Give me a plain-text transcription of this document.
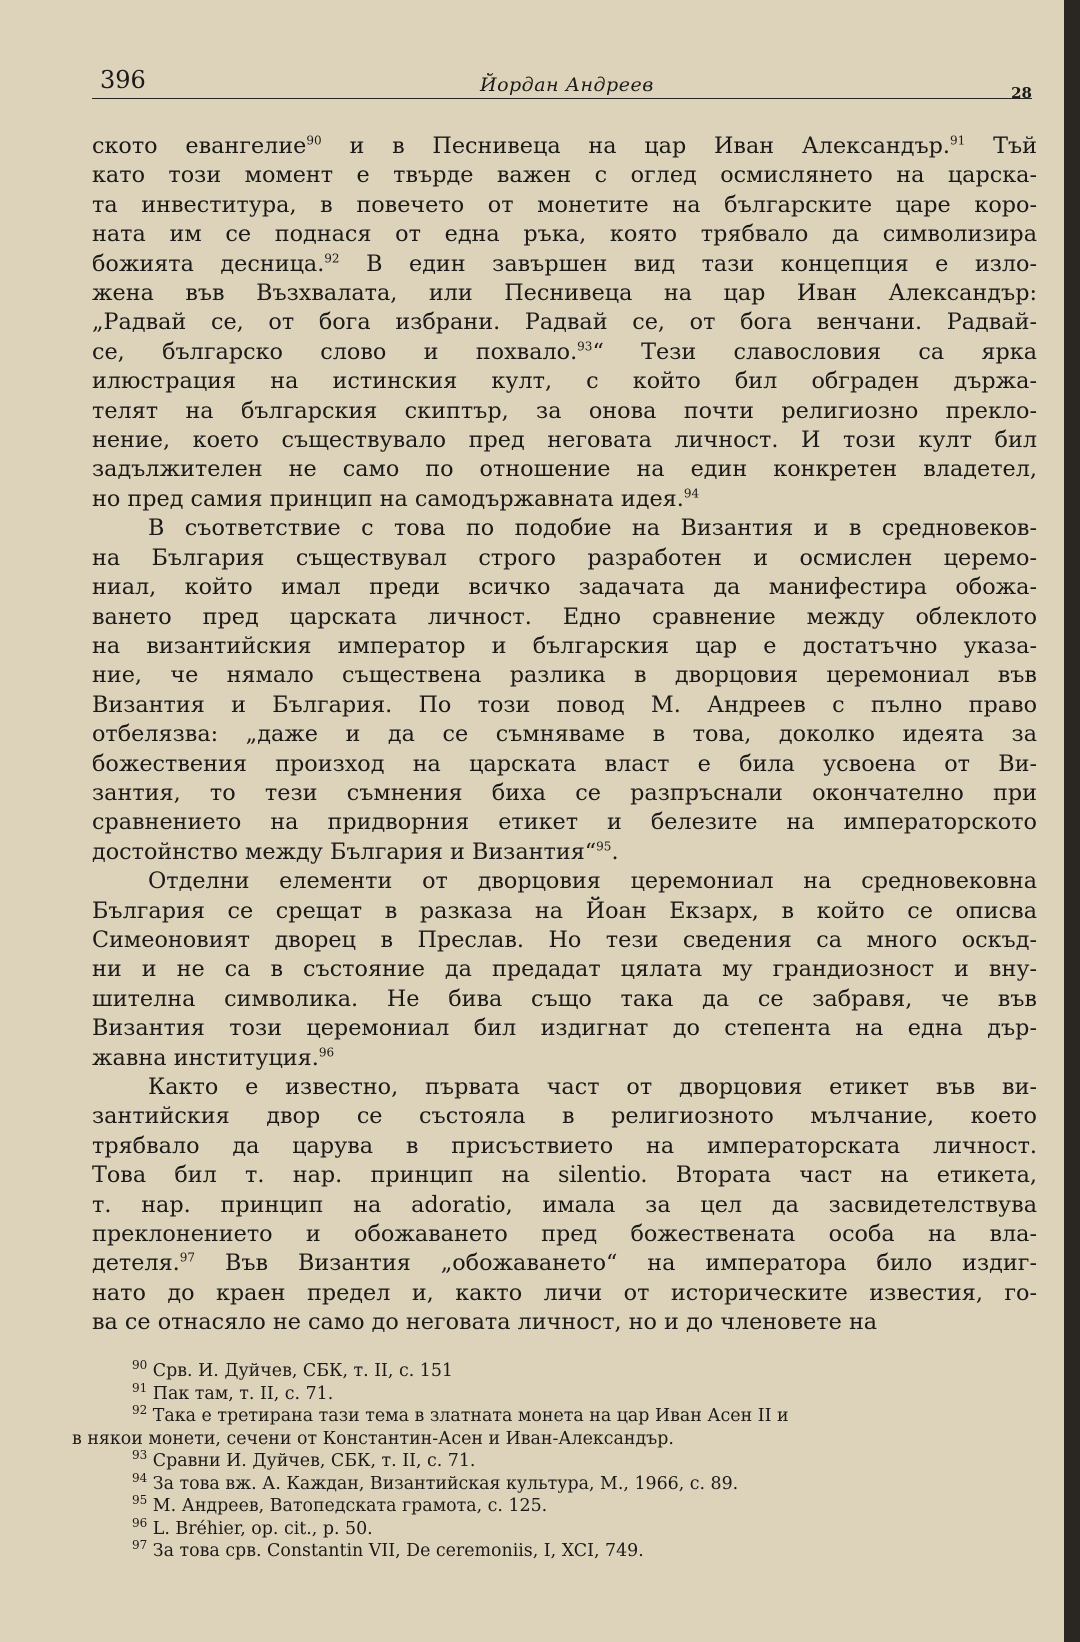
396	Йордан Андреев	28

ското евангелие$^{90}$ и в Песнивеца на цар Иван Александър.$^{91}$ Тъй

като този момент е твърде важен с оглед осмислянето на царска-

та инвеститура, в повечето от монетите на българските царе коро-

ната им се поднася от една ръка, която трябвало да символизира

божията десница.$^{92}$ В един завършен вид тази концепция е изло-

жена във Възхвалата, или Песнивеца на цар Иван Александър:

„Радвай се, от бога избрани. Радвай се, от бога венчани. Радвай-

се, българско слово и похвало.$^{93}$“ Тези славословия са ярка

илюстрация на истинския култ, с който бил обграден държа-

телят на българския скиптър, за онова почти религиозно прекло-

нение, което съществувало пред неговата личност. И този култ бил

задължителен не само по отношение на един конкретен владетел,

но пред самия принцип на самодържавната идея.$^{94}$

В съответствие с това по подобие на Византия и в средновеков-

на България съществувал строго разработен и осмислен церемо-

ниал, който имал преди всичко задачата да манифестира обожа-

ването пред царската личност. Едно сравнение между облеклото

на византийския император и българския цар е достатъчно указа-

ние, че нямало съществена разлика в дворцовия церемониал във

Византия и България. По този повод М. Андреев с пълно право

отбелязва: „даже и да се съмняваме в това, доколко идеята за

божествения произход на царската власт е била усвоена от Ви-

зантия, то тези съмнения биха се разпръснали окончателно при

сравнението на придворния етикет и белезите на императорското

достойнство между България и Византия“$^{95}$.

Отделни елементи от дворцовия церемониал на средновековна

България се срещат в разказа на Йоан Екзарх, в който се описва

Симеоновият дворец в Преслав. Но тези сведения са много оскъд-

ни и не са в състояние да предадат цялата му грандиозност и вну-

шителна символика. Не бива също така да се забравя, че във

Византия този церемониал бил издигнат до степента на една дър-

жавна институция.$^{96}$

Както е известно, първата част от дворцовия етикет във ви-

зантийския двор се състояла в религиозното мълчание, което

трябвало да царува в присъствието на императорската личност.

Това бил т. нар. принцип на silentio. Втората част на етикета,

т. нар. принцип на adoratio, имала за цел да засвидетелствува

преклонението и обожаването пред божествената особа на вла-

детеля.$^{97}$ Във Византия „обожаването“ на императора било издиг-

нато до краен предел и, както личи от историческите известия, го-

ва се отнасяло не само до неговата личност, но и до членовете на

$^{90}$ Срв. И. Дуйчев, СБК, т. II, с. 151
$^{91}$ Пак там, т. II, с. 71.
$^{92}$ Така е третирана тази тема в златната монета на цар Иван Асен II и
в някои монети, сечени от Константин-Асен и Иван-Александър.
$^{93}$ Сравни И. Дуйчев, СБК, т. II, с. 71.
$^{94}$ За това вж. А. Каждан, Византийская культура, М., 1966, с. 89.
$^{95}$ М. Андреев, Ватопедската грамота, с. 125.
$^{96}$ L. Bréhier, op. cit., p. 50.
$^{97}$ За това срв. Constantin VII, De ceremoniis, I, XCI, 749.
